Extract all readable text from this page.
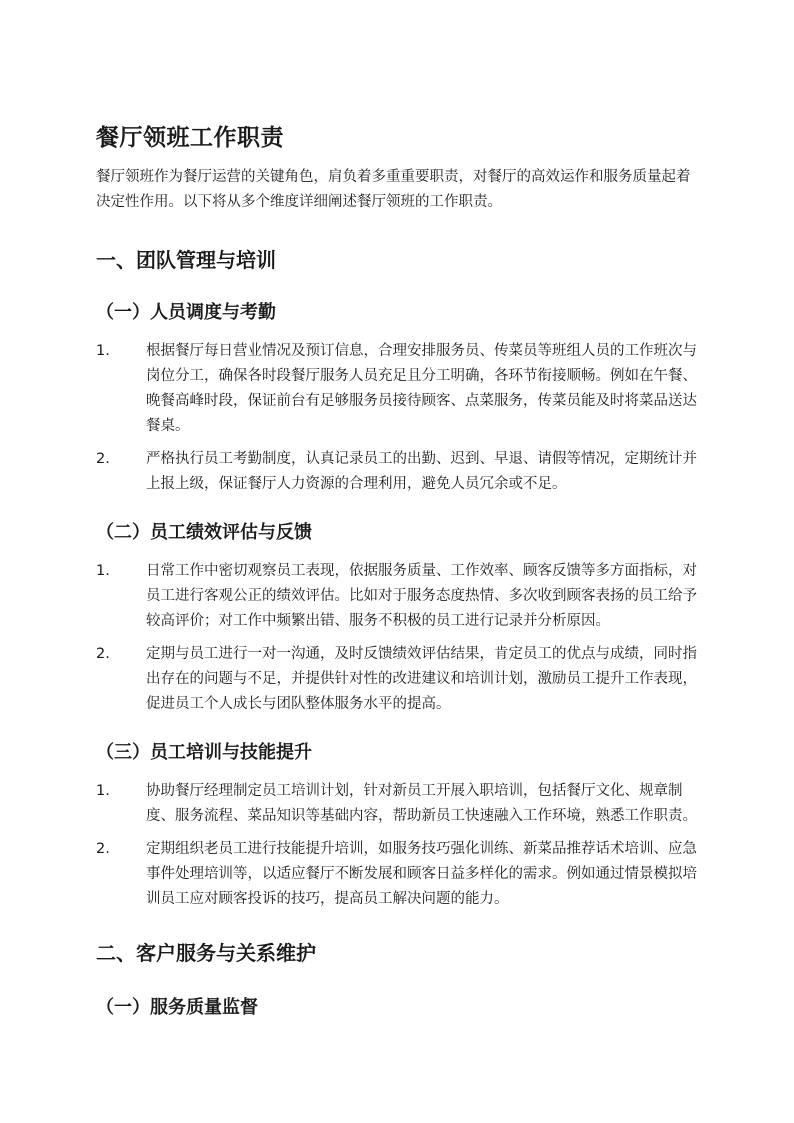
餐厅领班工作职责

餐厅领班作为餐厅运营的关键角色，肩负着多重重要职责，对餐厅的高效运作和服务质量起着决定性作用。以下将从多个维度详细阐述餐厅领班的工作职责。

一、团队管理与培训
（一）人员调度与考勤
1. 根据餐厅每日营业情况及预订信息，合理安排服务员、传菜员等班组人员的工作班次与岗位分工，确保各时段餐厅服务人员充足且分工明确，各环节衔接顺畅。例如在午餐、晚餐高峰时段，保证前台有足够服务员接待顾客、点菜服务，传菜员能及时将菜品送达餐桌。
2. 严格执行员工考勤制度，认真记录员工的出勤、迟到、早退、请假等情况，定期统计并上报上级，保证餐厅人力资源的合理利用，避免人员冗余或不足。
（二）员工绩效评估与反馈
1. 日常工作中密切观察员工表现，依据服务质量、工作效率、顾客反馈等多方面指标，对员工进行客观公正的绩效评估。比如对于服务态度热情、多次收到顾客表扬的员工给予较高评价；对工作中频繁出错、服务不积极的员工进行记录并分析原因。
2. 定期与员工进行一对一沟通，及时反馈绩效评估结果，肯定员工的优点与成绩，同时指出存在的问题与不足，并提供针对性的改进建议和培训计划，激励员工提升工作表现，促进员工个人成长与团队整体服务水平的提高。
（三）员工培训与技能提升
1. 协助餐厅经理制定员工培训计划，针对新员工开展入职培训，包括餐厅文化、规章制度、服务流程、菜品知识等基础内容，帮助新员工快速融入工作环境，熟悉工作职责。
2. 定期组织老员工进行技能提升培训，如服务技巧强化训练、新菜品推荐话术培训、应急事件处理培训等，以适应餐厅不断发展和顾客日益多样化的需求。例如通过情景模拟培训员工应对顾客投诉的技巧，提高员工解决问题的能力。
二、客户服务与关系维护
（一）服务质量监督
